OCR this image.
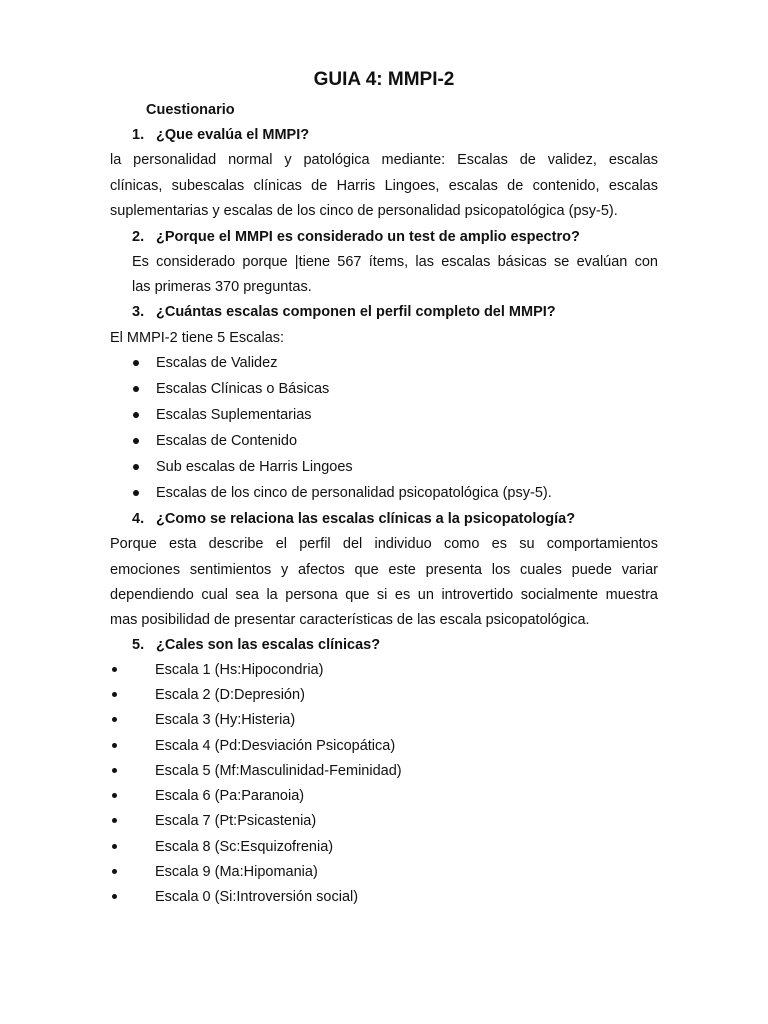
GUIA 4: MMPI-2
Cuestionario
1. ¿Que evalúa el MMPI?
la personalidad normal y patológica mediante: Escalas de validez, escalas
clínicas, subescalas clínicas de Harris Lingoes, escalas de contenido, escalas
suplementarias y escalas de los cinco de personalidad psicopatológica (psy-5).
2. ¿Porque el MMPI es considerado un test de amplio espectro?
Es considerado porque |tiene 567 ítems, las escalas básicas se evalúan con
las primeras 370 preguntas.
3. ¿Cuántas escalas componen el perfil completo del MMPI?
El MMPI-2 tiene 5 Escalas:
Escalas de Validez
Escalas Clínicas o Básicas
Escalas Suplementarias
Escalas de Contenido
Sub escalas de Harris Lingoes
Escalas de los cinco de personalidad psicopatológica (psy-5).
4. ¿Como se relaciona las escalas clínicas a la psicopatología?
Porque esta describe el perfil del individuo como es su comportamientos
emociones sentimientos y afectos que este presenta los cuales puede variar
dependiendo cual sea la persona que si es un introvertido socialmente muestra
mas posibilidad de presentar características de las escala psicopatológica.
5. ¿Cales son las escalas clínicas?
Escala 1 (Hs:Hipocondria)
Escala 2 (D:Depresión)
Escala 3 (Hy:Histeria)
Escala 4 (Pd:Desviación Psicopática)
Escala 5 (Mf:Masculinidad-Feminidad)
Escala 6 (Pa:Paranoia)
Escala 7 (Pt:Psicastenia)
Escala 8 (Sc:Esquizofrenia)
Escala 9 (Ma:Hipomania)
Escala 0 (Si:Introversión social)
